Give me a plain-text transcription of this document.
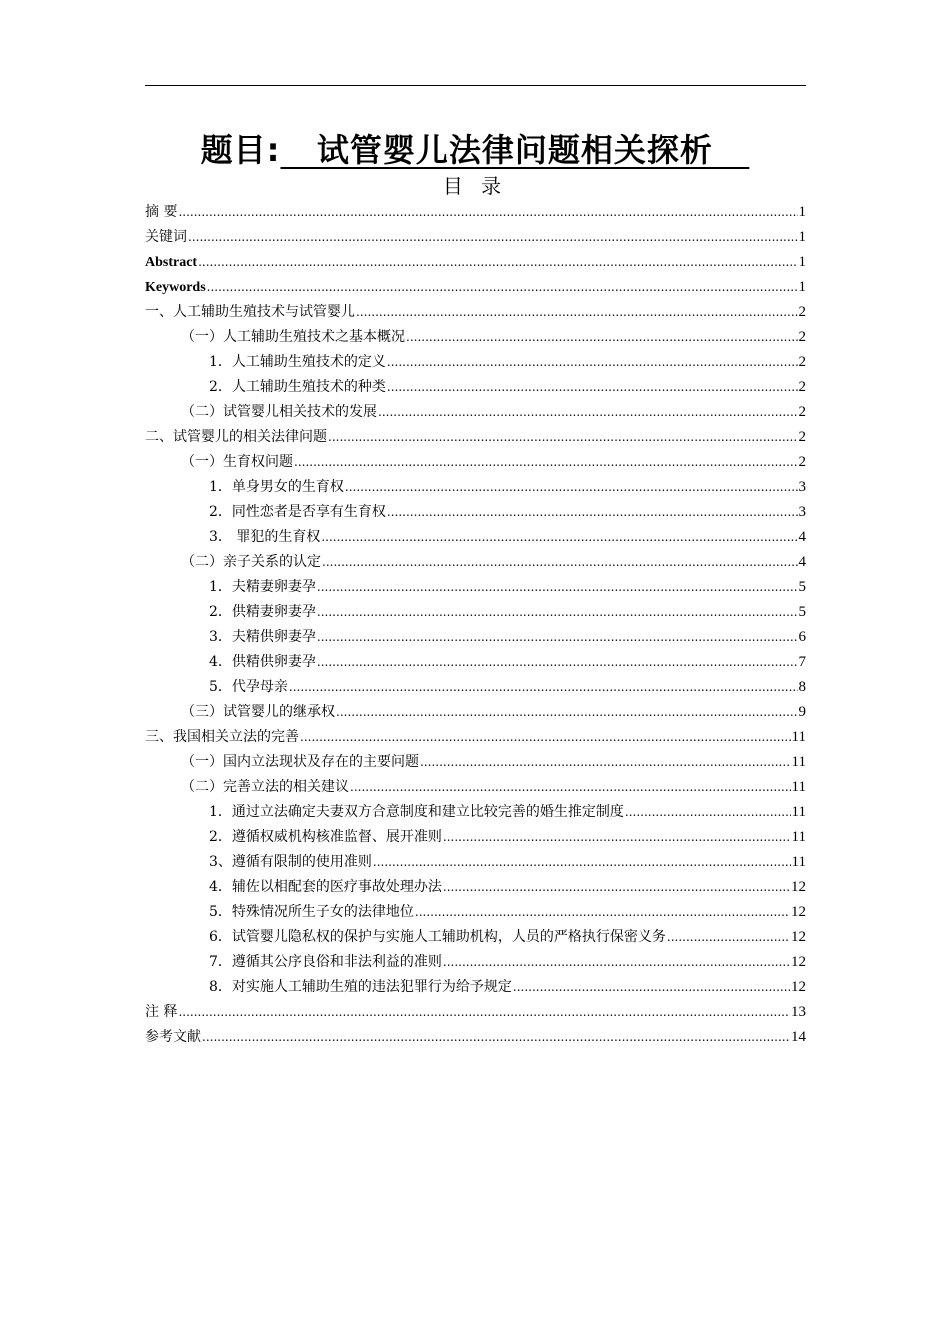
题目:   试管婴儿法律问题相关探析
目 录
摘 要 .....	1
关键词 .....	1
Abstract .....	1
Keywords .....	1
一、人工辅助生殖技术与试管婴儿 .....	2
（一）人工辅助生殖技术之基本概况 .....	2
1．人工辅助生殖技术的定义 .....	2
2．人工辅助生殖技术的种类 .....	2
（二）试管婴儿相关技术的发展 .....	2
二、试管婴儿的相关法律问题 .....	2
（一）生育权问题 .....	2
1．单身男女的生育权 .....	3
2．同性恋者是否享有生育权 .....	3
3． 罪犯的生育权 .....	4
（二）亲子关系的认定 .....	4
1．夫精妻卵妻孕 .....	5
2．供精妻卵妻孕 .....	5
3．夫精供卵妻孕 .....	6
4．供精供卵妻孕 .....	7
5．代孕母亲 .....	8
（三）试管婴儿的继承权 .....	9
三、我国相关立法的完善 .....	11
（一）国内立法现状及存在的主要问题 .....	11
（二）完善立法的相关建议 .....	11
1．通过立法确定夫妻双方合意制度和建立比较完善的婚生推定制度 .....	11
2．遵循权威机构核准监督、展开准则 .....	11
3、遵循有限制的使用准则 .....	11
4．辅佐以相配套的医疗事故处理办法 .....	12
5．特殊情况所生子女的法律地位 .....	12
6．试管婴儿隐私权的保护与实施人工辅助机构，人员的严格执行保密义务 .....	12
7．遵循其公序良俗和非法利益的准则 .....	12
8．对实施人工辅助生殖的违法犯罪行为给予规定 .....	12
注 释 .....	13
参考文献 .....	14
